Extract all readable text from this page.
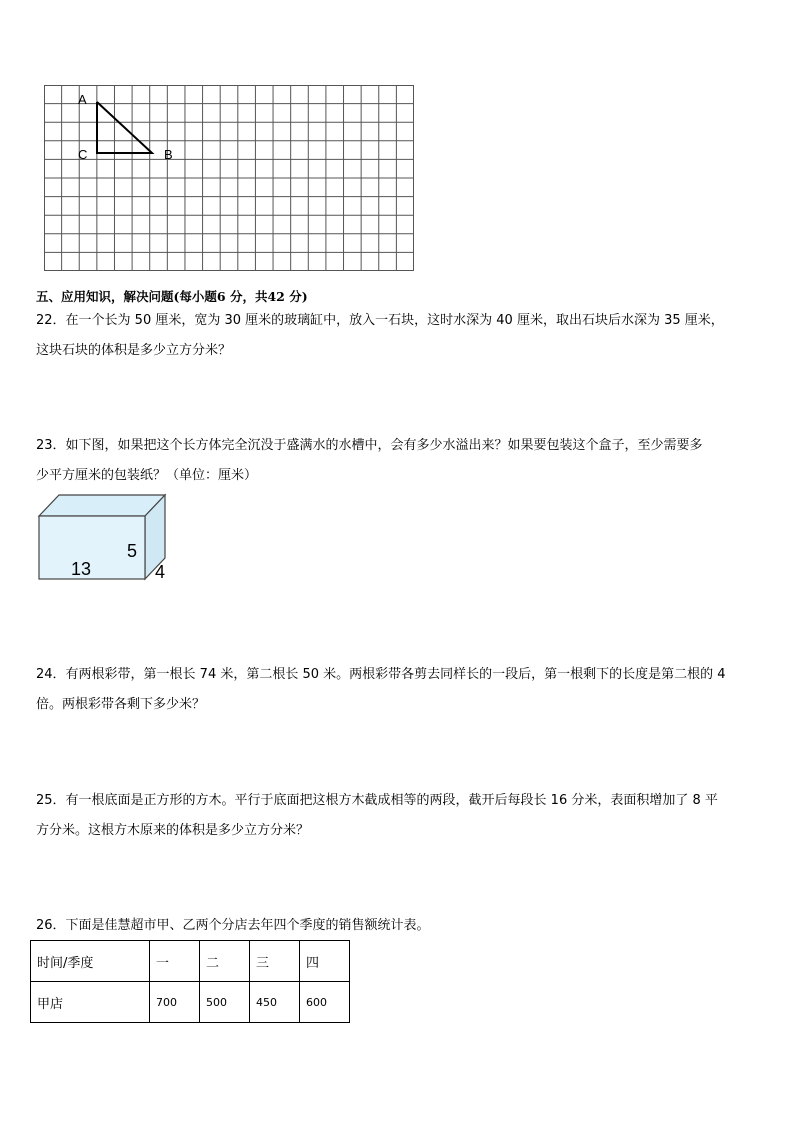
A
C	B
五、应用知识，解决问题(每小题6 分，共42 分)
22．在一个长为 50 厘米，宽为 30 厘米的玻璃缸中，放入一石块，这时水深为 40 厘米，取出石块后水深为 35 厘米，
这块石块的体积是多少立方分米？
23．如下图，如果把这个长方体完全沉没于盛满水的水槽中，会有多少水溢出来？如果要包装这个盒子，至少需要多
少平方厘米的包装纸？（单位：厘米）
13
5
4
24．有两根彩带，第一根长 74 米，第二根长 50 米。两根彩带各剪去同样长的一段后，第一根剩下的长度是第二根的 4
倍。两根彩带各剩下多少米？
25．有一根底面是正方形的方木。平行于底面把这根方木截成相等的两段，截开后每段长 16 分米，表面积增加了 8 平
方分米。这根方木原来的体积是多少立方分米？
26．下面是佳慧超市甲、乙两个分店去年四个季度的销售额统计表。
时间/季度	一	二	三	四
甲店	700	500	450	600
